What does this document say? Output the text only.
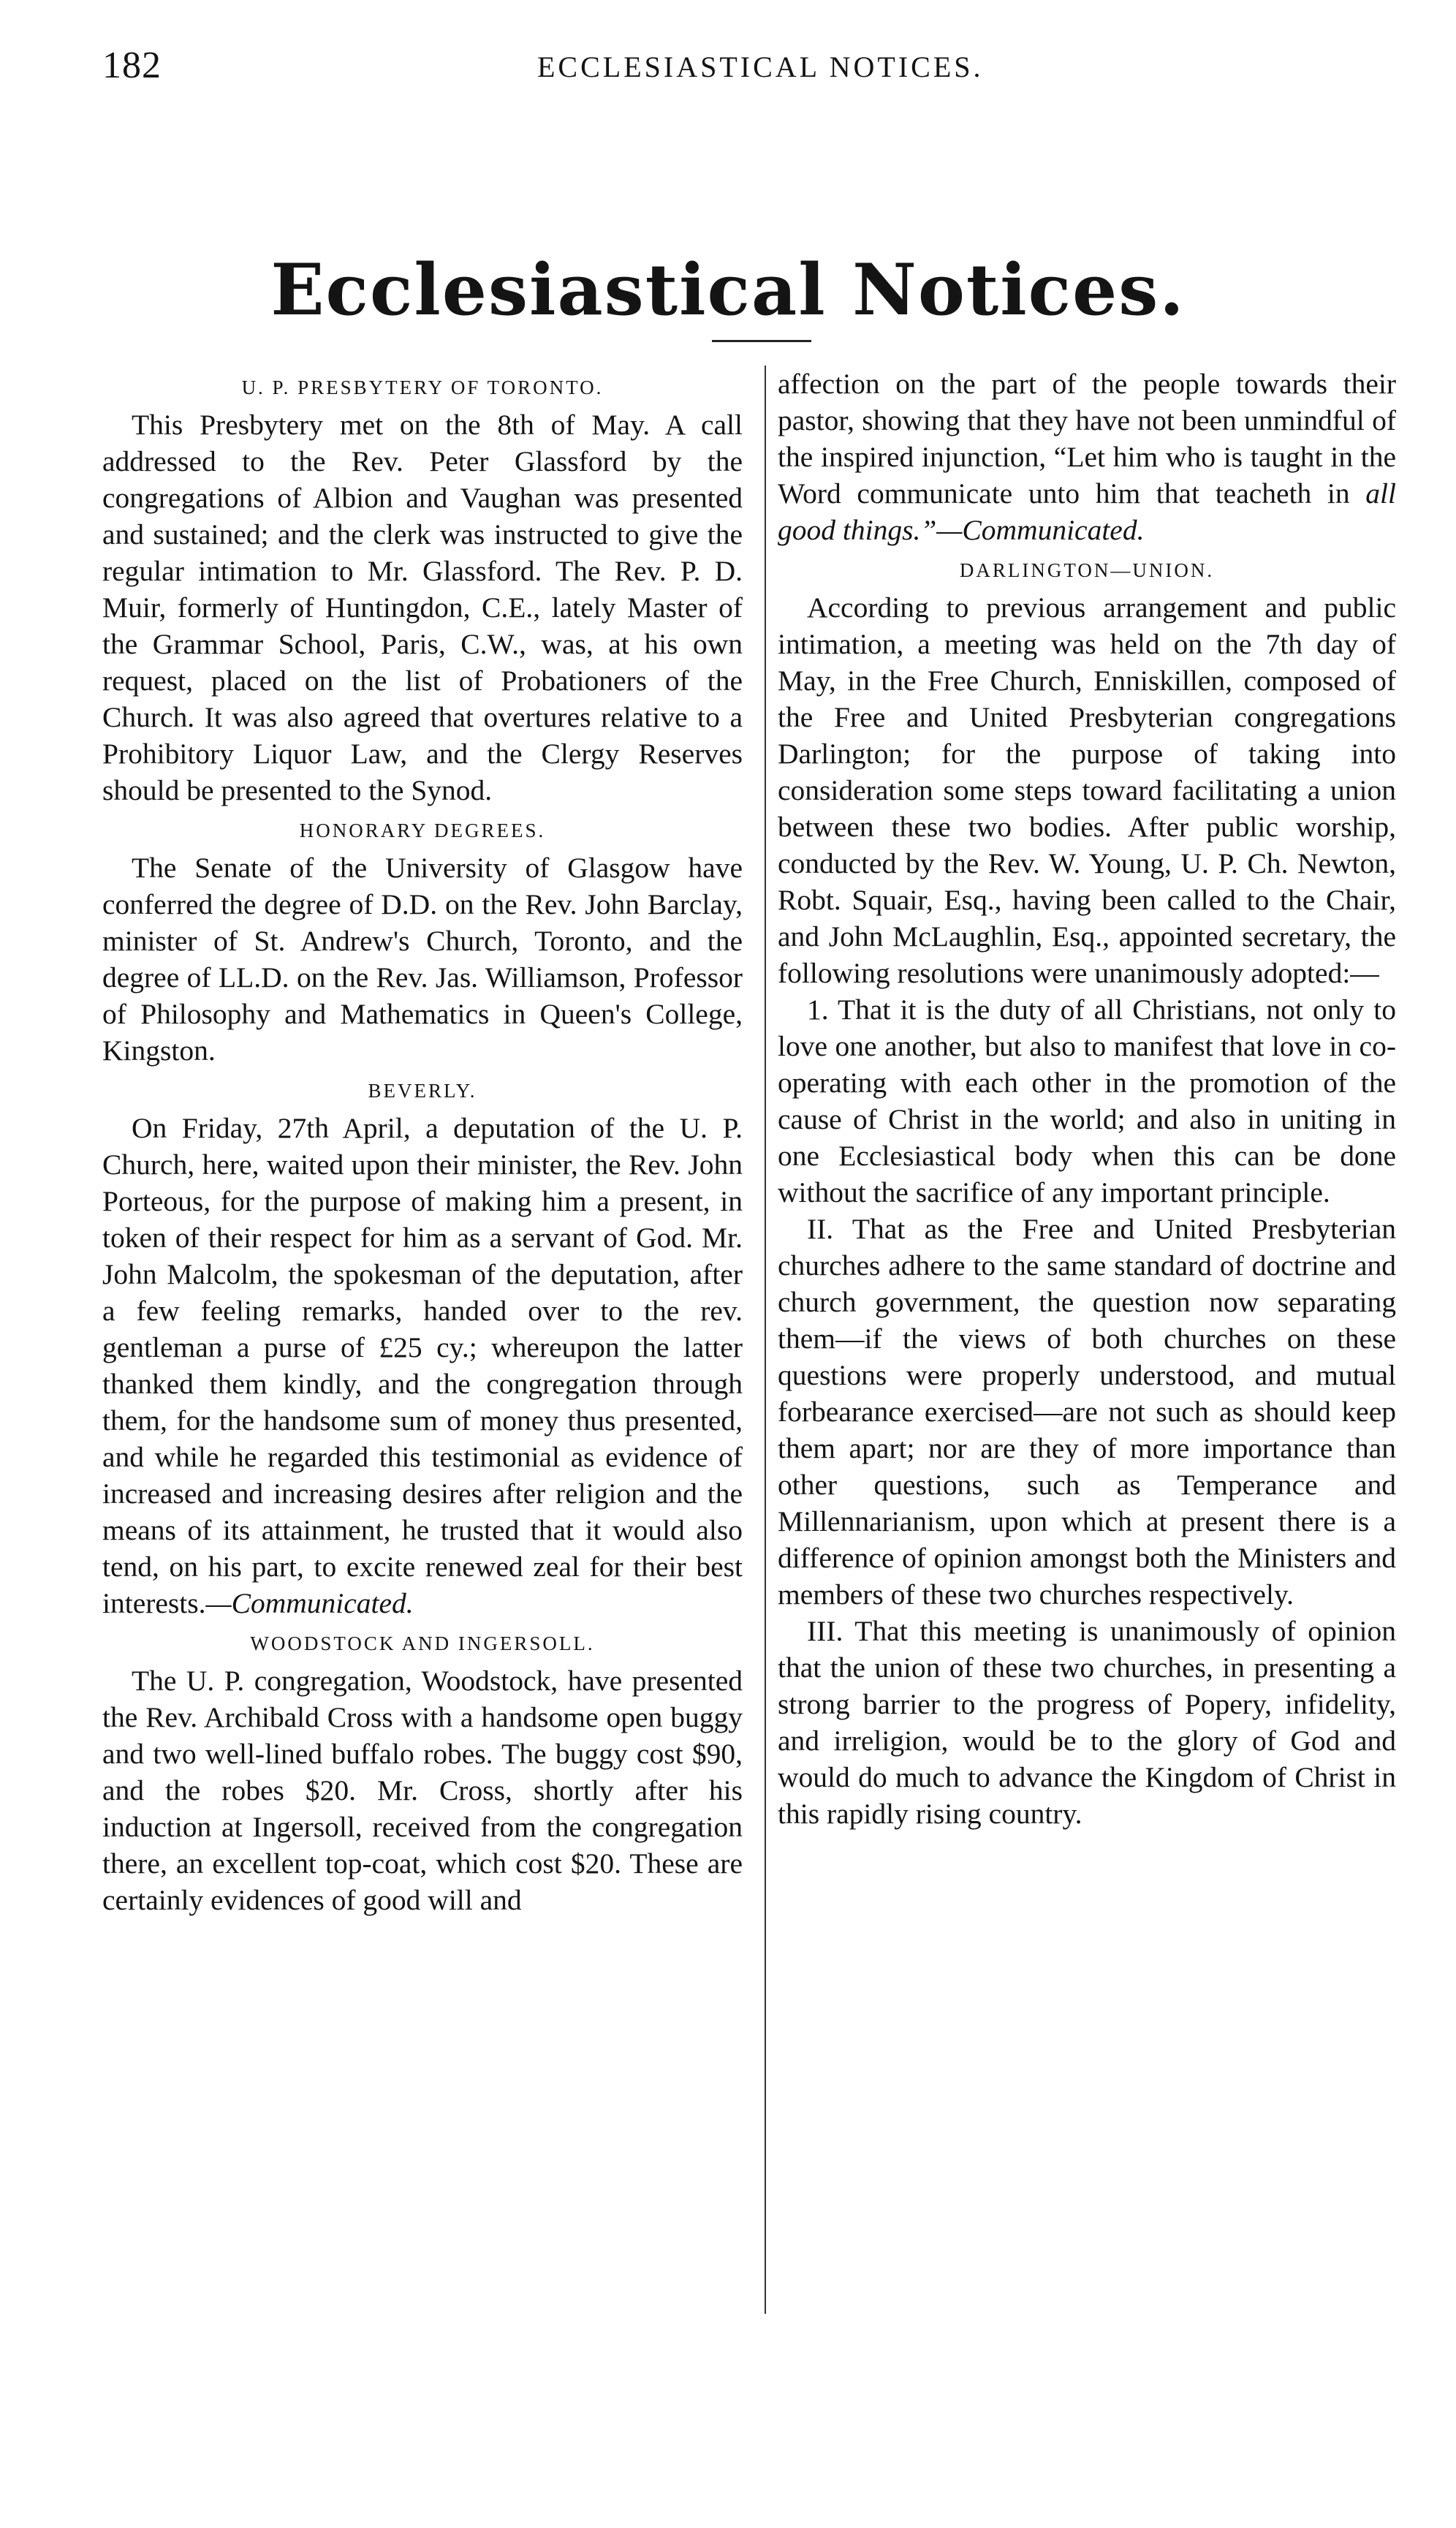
182	ECCLESIASTICAL NOTICES.
Ecclesiastical Notices.
U. P. PRESBYTERY OF TORONTO.

This Presbytery met on the 8th of May. A call addressed to the Rev. Peter Glassford by the congregations of Albion and Vaughan was presented and sustained; and the clerk was instructed to give the regular intimation to Mr. Glassford. The Rev. P. D. Muir, formerly of Huntingdon, C.E., lately Master of the Grammar School, Paris, C.W., was, at his own request, placed on the list of Probationers of the Church. It was also agreed that overtures relative to a Prohibitory Liquor Law, and the Clergy Reserves should be presented to the Synod.

HONORARY DEGREES.

The Senate of the University of Glasgow have conferred the degree of D.D. on the Rev. John Barclay, minister of St. Andrew's Church, Toronto, and the degree of LL.D. on the Rev. Jas. Williamson, Professor of Philosophy and Mathematics in Queen's College, Kingston.

BEVERLY.

On Friday, 27th April, a deputation of the U. P. Church, here, waited upon their minister, the Rev. John Porteous, for the purpose of making him a present, in token of their respect for him as a servant of God. Mr. John Malcolm, the spokesman of the deputation, after a few feeling remarks, handed over to the rev. gentleman a purse of £25 cy.; whereupon the latter thanked them kindly, and the congregation through them, for the handsome sum of money thus presented, and while he regarded this testimonial as evidence of increased and increasing desires after religion and the means of its attainment, he trusted that it would also tend, on his part, to excite renewed zeal for their best interests.—Communicated.

WOODSTOCK AND INGERSOLL.

The U. P. congregation, Woodstock, have presented the Rev. Archibald Cross with a handsome open buggy and two well-lined buffalo robes. The buggy cost $90, and the robes $20. Mr. Cross, shortly after his induction at Ingersoll, received from the congregation there, an excellent top-coat, which cost $20. These are certainly evidences of good will and

affection on the part of the people towards their pastor, showing that they have not been unmindful of the inspired injunction, “Let him who is taught in the Word communicate unto him that teacheth in all good things.”—Communicated.

DARLINGTON—UNION.

According to previous arrangement and public intimation, a meeting was held on the 7th day of May, in the Free Church, Enniskillen, composed of the Free and United Presbyterian congregations Darlington; for the purpose of taking into consideration some steps toward facilitating a union between these two bodies. After public worship, conducted by the Rev. W. Young, U. P. Ch. Newton, Robt. Squair, Esq., having been called to the Chair, and John McLaughlin, Esq., appointed secretary, the following resolutions were unanimously adopted:—

1. That it is the duty of all Christians, not only to love one another, but also to manifest that love in co-operating with each other in the promotion of the cause of Christ in the world; and also in uniting in one Ecclesiastical body when this can be done without the sacrifice of any important principle.

II. That as the Free and United Presbyterian churches adhere to the same standard of doctrine and church government, the question now separating them—if the views of both churches on these questions were properly understood, and mutual forbearance exercised—are not such as should keep them apart; nor are they of more importance than other questions, such as Temperance and Millennarianism, upon which at present there is a difference of opinion amongst both the Ministers and members of these two churches respectively.

III. That this meeting is unanimously of opinion that the union of these two churches, in presenting a strong barrier to the progress of Popery, infidelity, and irreligion, would be to the glory of God and would do much to advance the Kingdom of Christ in this rapidly rising country.
